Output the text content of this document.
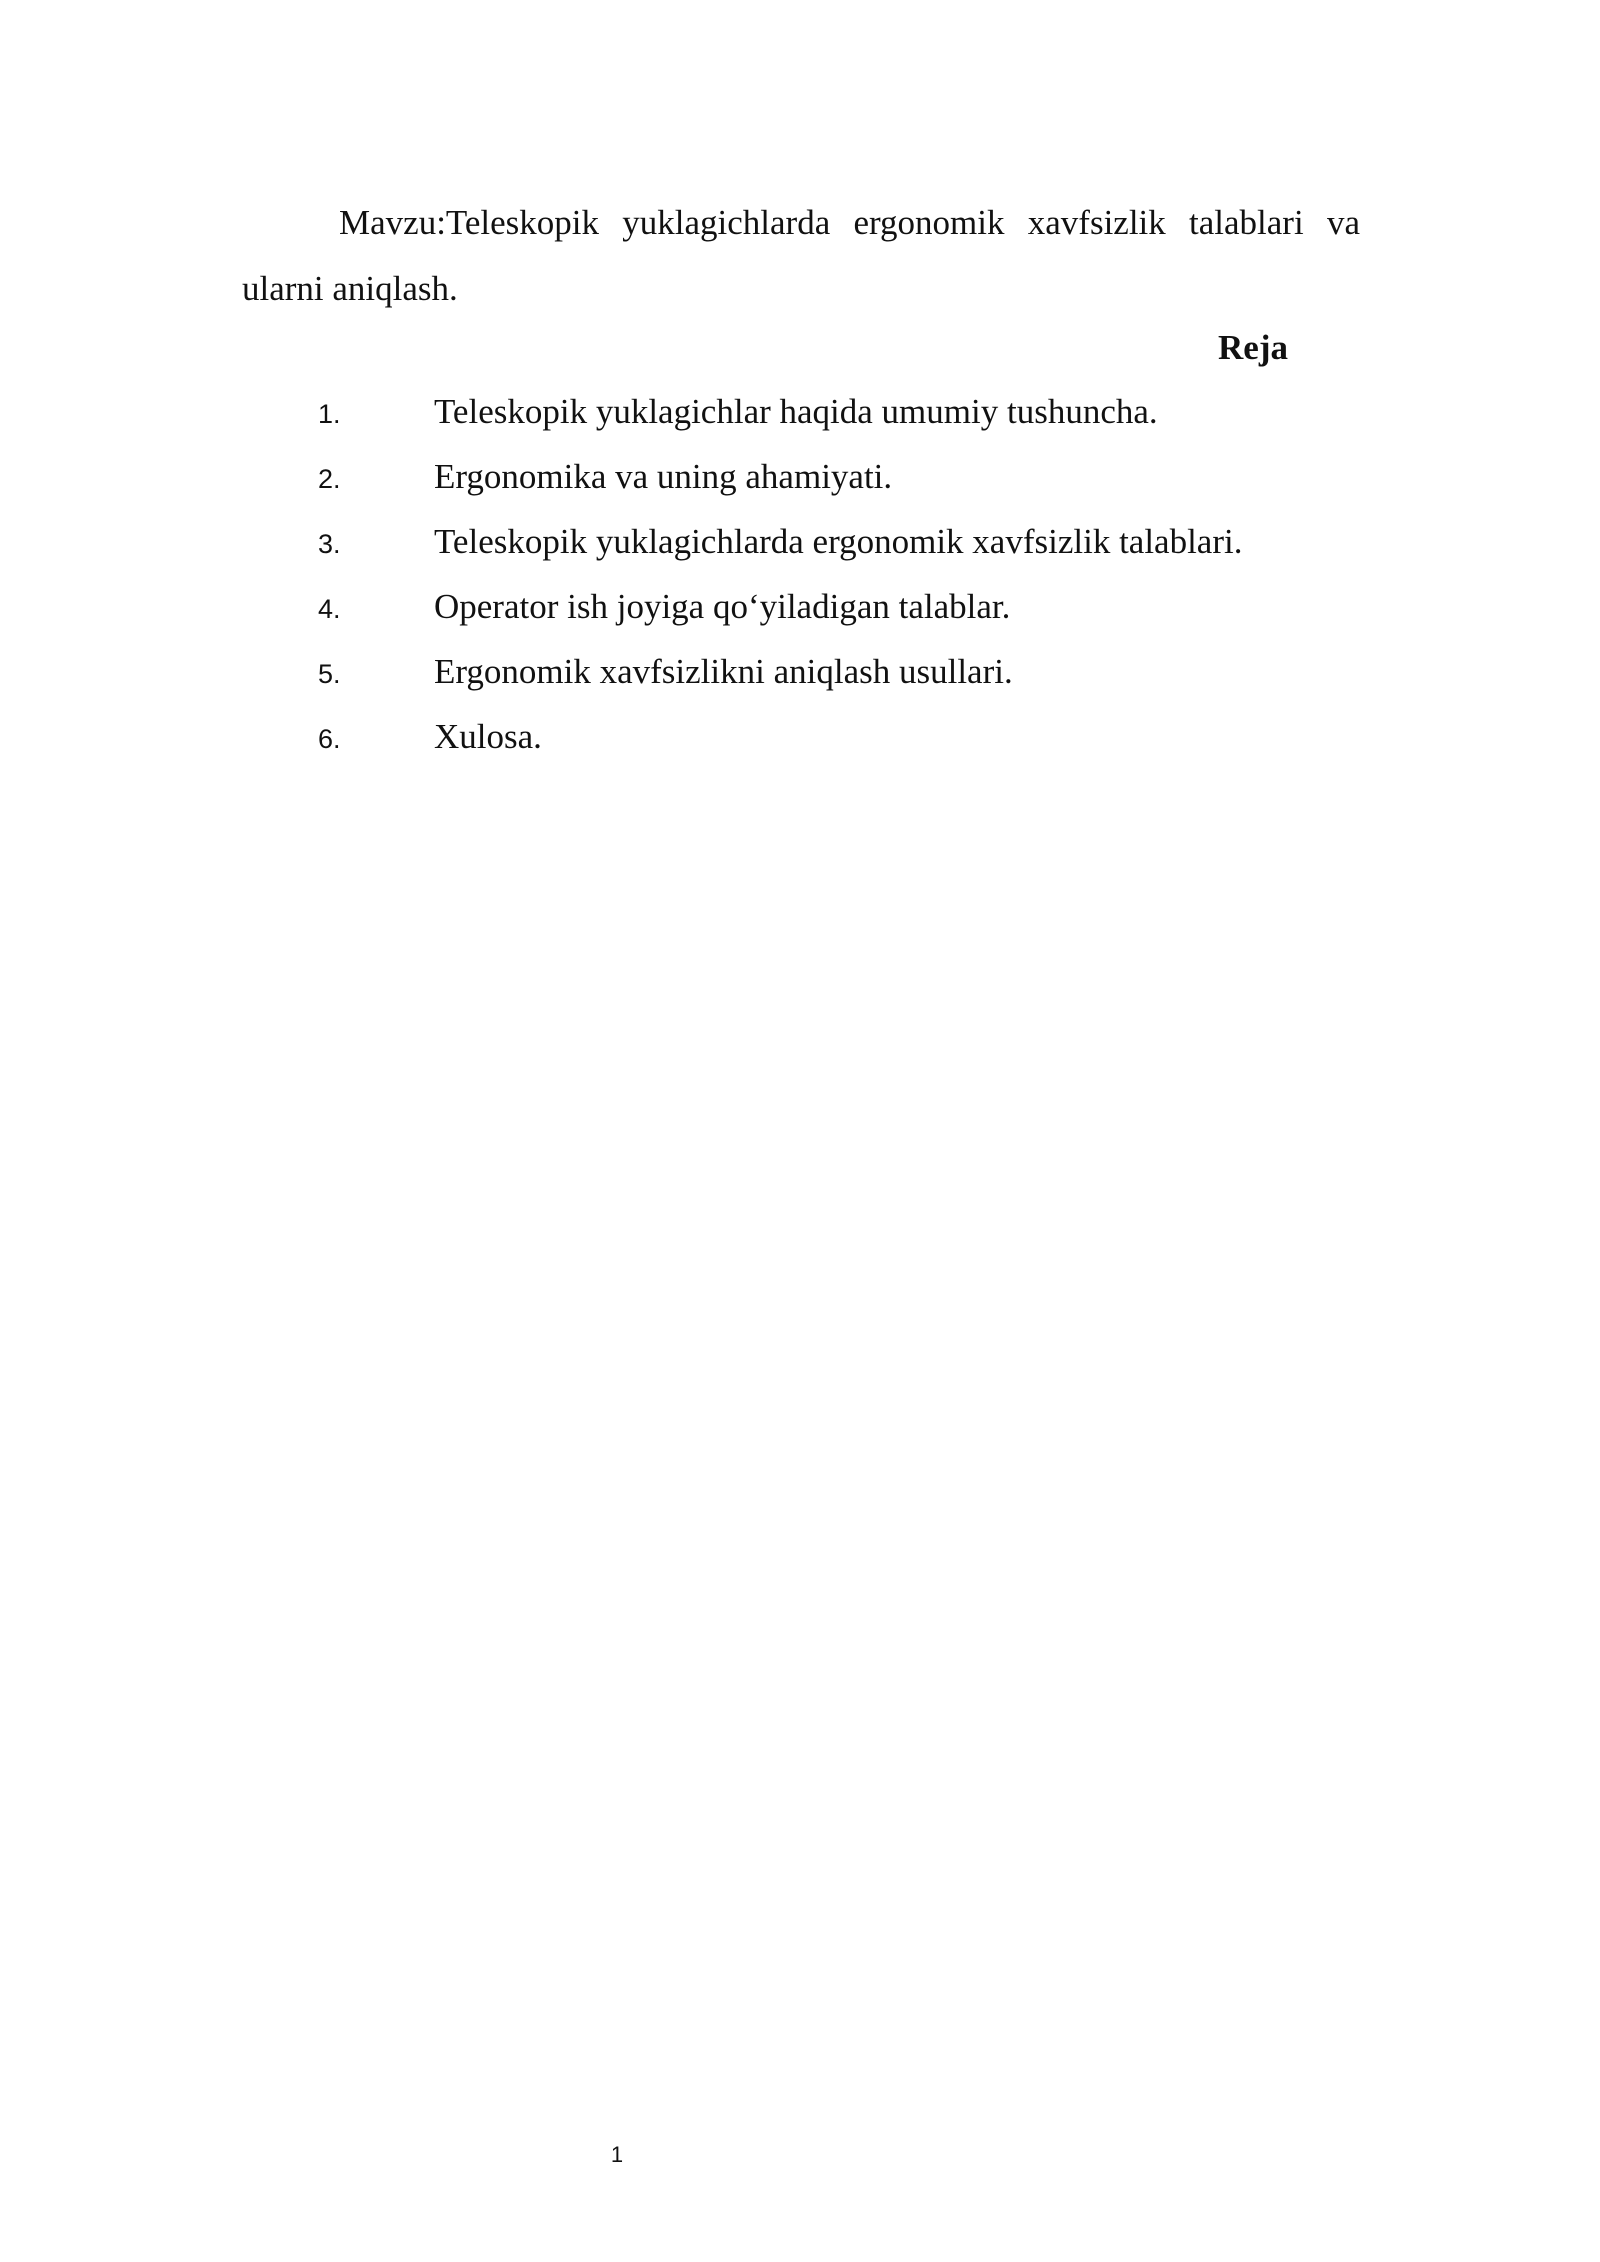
Mavzu:Teleskopik yuklagichlarda ergonomik xavfsizlik talablari va ularni aniqlash.

Reja

1.	Teleskopik yuklagichlar haqida umumiy tushuncha.
2.	Ergonomika va uning ahamiyati.
3.	Teleskopik yuklagichlarda ergonomik xavfsizlik talablari.
4.	Operator ish joyiga qo‘yiladigan talablar.
5.	Ergonomik xavfsizlikni aniqlash usullari.
6.	Xulosa.
1
